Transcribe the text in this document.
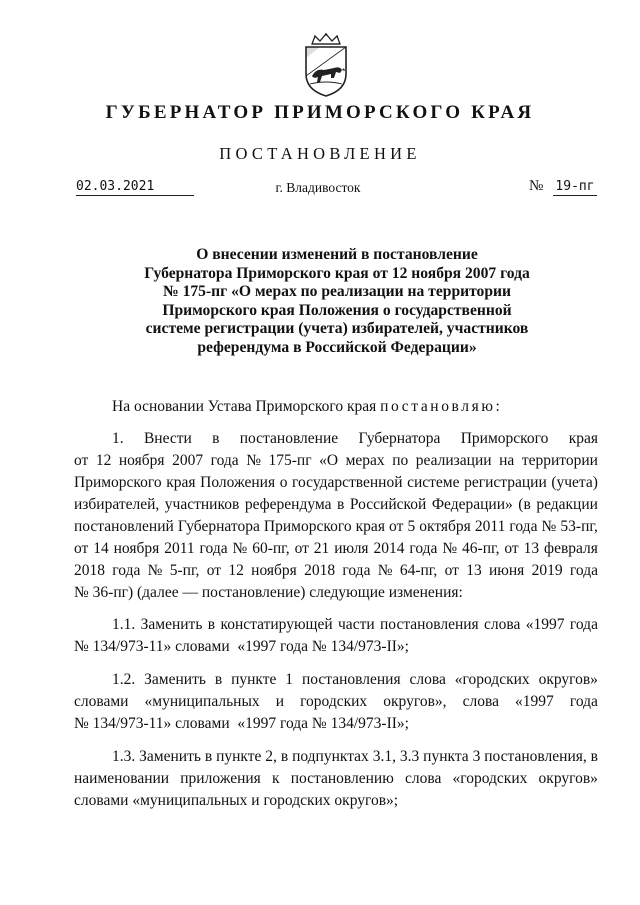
ГУБЕРНАТОР ПРИМОРСКОГО КРАЯ
ПОСТАНОВЛЕНИЕ
02.03.2021	г. Владивосток	№ 19-пг
О внесении изменений в постановление
Губернатора Приморского края от 12 ноября 2007 года
№ 175-пг «О мерах по реализации на территории
Приморского края Положения о государственной
системе регистрации (учета) избирателей, участников
референдума в Российской Федерации»
На основании Устава Приморского края
постановляю:
1. Внести в постановление Губернатора Приморского края
от 12 ноября 2007 года № 175-пг «О мерах по реализации на территории
Приморского края Положения о государственной системе регистрации (учета)
избирателей, участников референдума в Российской Федерации» (в редакции
постановлений Губернатора Приморского края от 5 октября 2011 года № 53-пг,
от 14 ноября 2011 года № 60-пг, от 21 июля 2014 года № 46-пг, от 13 февраля
2018 года № 5-пг, от 12 ноября 2018 года № 64-пг, от 13 июня 2019 года
№ 36-пг) (далее — постановление) следующие изменения:
1.1. Заменить в констатирующей части постановления слова «1997 года
№ 134/973-11» словами  «1997 года № 134/973-II»;
1.2. Заменить в пункте 1 постановления слова «городских округов»
словами «муниципальных и городских округов», слова «1997 года
№ 134/973-11» словами  «1997 года № 134/973-II»;
1.3. Заменить в пункте 2, в подпунктах 3.1, 3.3 пункта 3 постановления, в
наименовании приложения к постановлению слова «городских округов»
словами «муниципальных и городских округов»;
